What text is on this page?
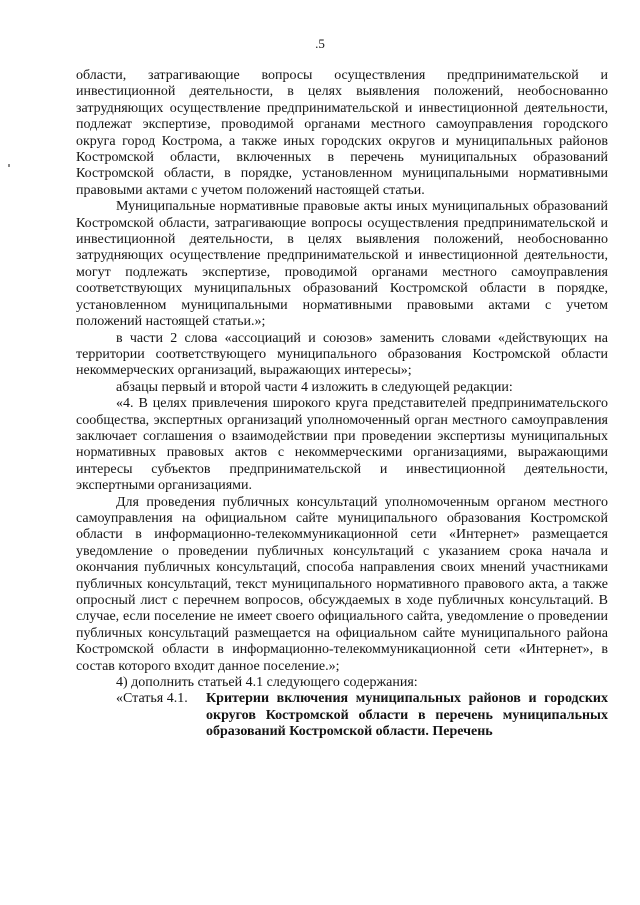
.5

области, затрагивающие вопросы осуществления предпринимательской и инвестиционной деятельности, в целях выявления положений, необоснованно затрудняющих осуществление предпринимательской и инвестиционной деятельности, подлежат экспертизе, проводимой органами местного самоуправления городского округа город Кострома, а также иных городских округов и муниципальных районов Костромской области, включенных в перечень муниципальных образований Костромской области, в порядке, установленном муниципальными нормативными правовыми актами с учетом положений настоящей статьи.

Муниципальные нормативные правовые акты иных муниципальных образований Костромской области, затрагивающие вопросы осуществления предпринимательской и инвестиционной деятельности, в целях выявления положений, необоснованно затрудняющих осуществление предпринимательской и инвестиционной деятельности, могут подлежать экспертизе, проводимой органами местного самоуправления соответствующих муниципальных образований Костромской области в порядке, установленном муниципальными нормативными правовыми актами с учетом положений настоящей статьи.»;

в части 2 слова «ассоциаций и союзов» заменить словами «действующих на территории соответствующего муниципального образования Костромской области некоммерческих организаций, выражающих интересы»;

абзацы первый и второй части 4 изложить в следующей редакции:

«4. В целях привлечения широкого круга представителей предпринимательского сообщества, экспертных организаций уполномоченный орган местного самоуправления заключает соглашения о взаимодействии при проведении экспертизы муниципальных нормативных правовых актов с некоммерческими организациями, выражающими интересы субъектов предпринимательской и инвестиционной деятельности, экспертными организациями.

Для проведения публичных консультаций уполномоченным органом местного самоуправления на официальном сайте муниципального образования Костромской области в информационно-телекоммуникационной сети «Интернет» размещается уведомление о проведении публичных консультаций с указанием срока начала и окончания публичных консультаций, способа направления своих мнений участниками публичных консультаций, текст муниципального нормативного правового акта, а также опросный лист с перечнем вопросов, обсуждаемых в ходе публичных консультаций. В случае, если поселение не имеет своего официального сайта, уведомление о проведении публичных консультаций размещается на официальном сайте муниципального района Костромской области в информационно-телекоммуникационной сети «Интернет», в состав которого входит данное поселение.»;

4) дополнить статьей 4.1 следующего содержания:

«Статья 4.1.	Критерии включения муниципальных районов и городских округов Костромской области в перечень муниципальных образований Костромской области. Перечень
